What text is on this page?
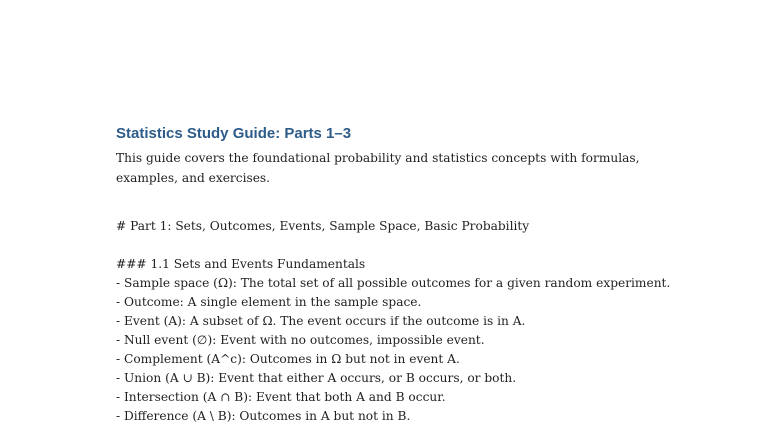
Statistics Study Guide: Parts 1–3

This guide covers the foundational probability and statistics concepts with formulas,

examples, and exercises.

# Part 1: Sets, Outcomes, Events, Sample Space, Basic Probability

### 1.1 Sets and Events Fundamentals

- Sample space (Ω): The total set of all possible outcomes for a given random experiment.

- Outcome: A single element in the sample space.

- Event (A): A subset of Ω. The event occurs if the outcome is in A.

- Null event (∅): Event with no outcomes, impossible event.

- Complement (A^c): Outcomes in Ω but not in event A.

- Union (A ∪ B): Event that either A occurs, or B occurs, or both.

- Intersection (A ∩ B): Event that both A and B occur.

- Difference (A \ B): Outcomes in A but not in B.
